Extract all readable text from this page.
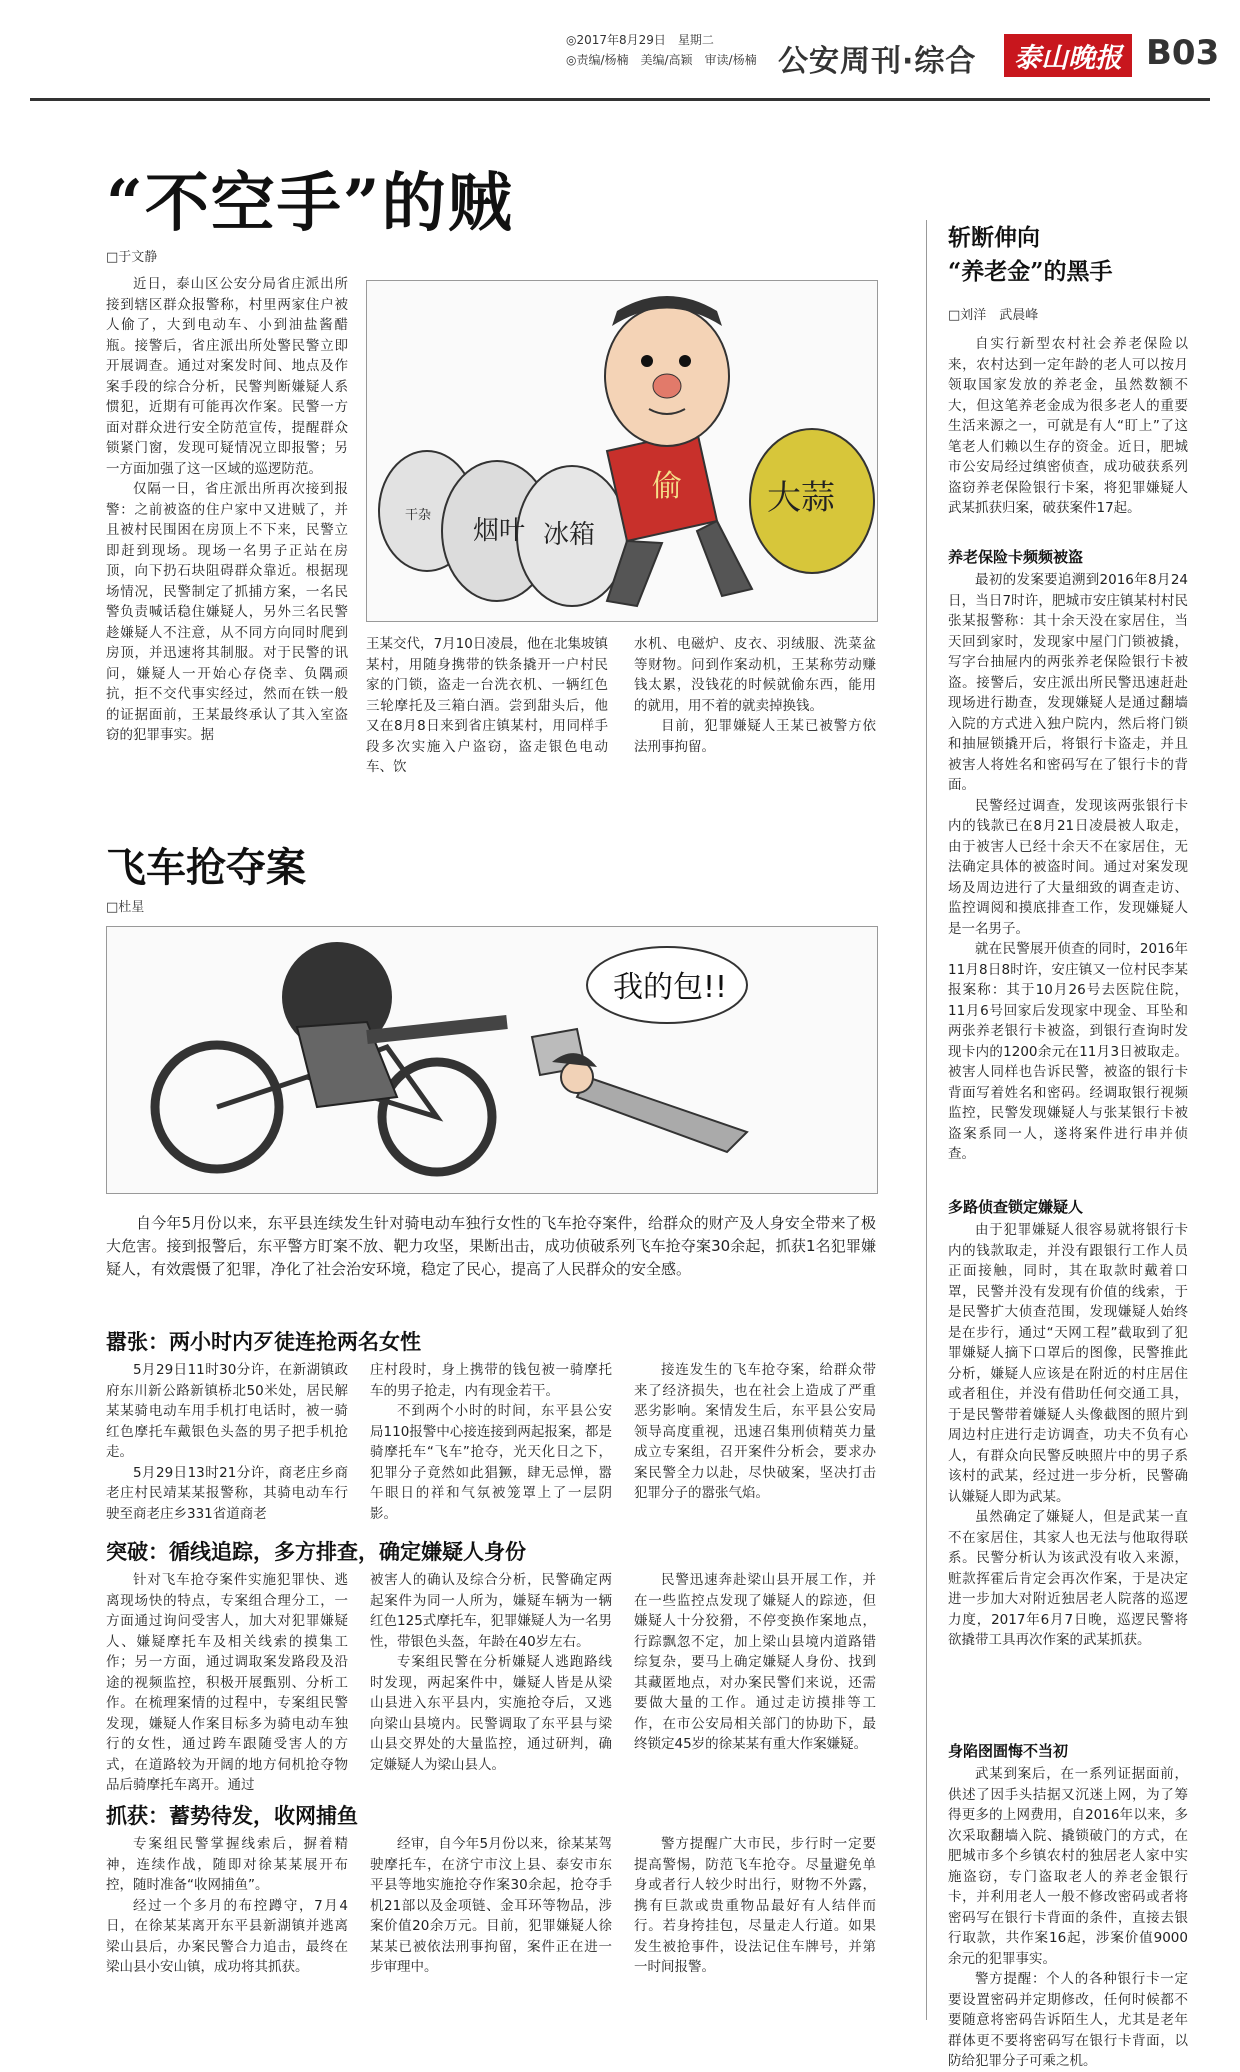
◎2017年8月29日　星期二
◎责编/杨楠　美编/高颖　审读/杨楠 公安周刊·综合	泰山晚报 B03
“不空手”的贼
□于文静

近日，泰山区公安分局省庄派出所接到辖区群众报警称，村里两家住户被人偷了，大到电动车、小到油盐酱醋瓶。接警后，省庄派出所处警民警立即开展调查。通过对案发时间、地点及作案手段的综合分析，民警判断嫌疑人系惯犯，近期有可能再次作案。民警一方面对群众进行安全防范宣传，提醒群众锁紧门窗，发现可疑情况立即报警；另一方面加强了这一区域的巡逻防范。

仅隔一日，省庄派出所再次接到报警：之前被盗的住户家中又进贼了，并且被村民围困在房顶上不下来，民警立即赶到现场。现场一名男子正站在房顶，向下扔石块阻碍群众靠近。根据现场情况，民警制定了抓捕方案，一名民警负责喊话稳住嫌疑人，另外三名民警趁嫌疑人不注意，从不同方向同时爬到房顶，并迅速将其制服。对于民警的讯问，嫌疑人一开始心存侥幸、负隅顽抗，拒不交代事实经过，然而在铁一般的证据面前，王某最终承认了其入室盗窃的犯罪事实。据

干杂
烟叶 冰箱
偷	大蒜

王某交代，7月10日凌晨，他在北集坡镇某村，用随身携带的铁条撬开一户村民家的门锁，盗走一台洗衣机、一辆红色三轮摩托及三箱白酒。尝到甜头后，他又在8月8日来到省庄镇某村，用同样手段多次实施入户盗窃，盗走银色电动车、饮

水机、电磁炉、皮衣、羽绒服、洗菜盆等财物。问到作案动机，王某称劳动赚钱太累，没钱花的时候就偷东西，能用的就用，用不着的就卖掉换钱。

目前，犯罪嫌疑人王某已被警方依法刑事拘留。

飞车抢夺案
□杜星
我的包!!

自今年5月份以来，东平县连续发生针对骑电动车独行女性的飞车抢夺案件，给群众的财产及人身安全带来了极大危害。接到报警后，东平警方盯案不放、靶力攻坚，果断出击，成功侦破系列飞车抢夺案30余起，抓获1名犯罪嫌疑人，有效震慑了犯罪，净化了社会治安环境，稳定了民心，提高了人民群众的安全感。

嚣张：两小时内歹徒连抢两名女性

5月29日11时30分许，在新湖镇政府东川新公路新镇桥北50米处，居民解某某骑电动车用手机打电话时，被一骑红色摩托车戴银色头盔的男子把手机抢走。

5月29日13时21分许，商老庄乡商老庄村民靖某某报警称，其骑电动车行驶至商老庄乡331省道商老

庄村段时，身上携带的钱包被一骑摩托车的男子抢走，内有现金若干。

不到两个小时的时间，东平县公安局110报警中心接连接到两起报案，都是骑摩托车“飞车”抢夺，光天化日之下，犯罪分子竟然如此猖獗，肆无忌惮，嚣午眼日的祥和气氛被笼罩上了一层阴影。

接连发生的飞车抢夺案，给群众带来了经济损失，也在社会上造成了严重恶劣影响。案情发生后，东平县公安局领导高度重视，迅速召集刑侦精英力量成立专案组，召开案件分析会，要求办案民警全力以赴，尽快破案，坚决打击犯罪分子的嚣张气焰。

突破：循线追踪，多方排查，确定嫌疑人身份

针对飞车抢夺案件实施犯罪快、逃离现场快的特点，专案组合理分工，一方面通过询问受害人，加大对犯罪嫌疑人、嫌疑摩托车及相关线索的摸集工作；另一方面，通过调取案发路段及沿途的视频监控，积极开展甄别、分析工作。在梳理案情的过程中，专案组民警发现，嫌疑人作案目标多为骑电动车独行的女性，通过跨车跟随受害人的方式，在道路较为开阔的地方伺机抢夺物品后骑摩托车离开。通过

被害人的确认及综合分析，民警确定两起案件为同一人所为，嫌疑车辆为一辆红色125式摩托车，犯罪嫌疑人为一名男性，带银色头盔，年龄在40岁左右。

专案组民警在分析嫌疑人逃跑路线时发现，两起案件中，嫌疑人皆是从梁山县进入东平县内，实施抢夺后，又逃向梁山县境内。民警调取了东平县与梁山县交界处的大量监控，通过研判，确定嫌疑人为梁山县人。

民警迅速奔赴梁山县开展工作，并在一些监控点发现了嫌疑人的踪迹，但嫌疑人十分狡猾，不停变换作案地点，行踪飘忽不定，加上梁山县境内道路错综复杂，要马上确定嫌疑人身份、找到其藏匿地点，对办案民警们来说，还需要做大量的工作。通过走访摸排等工作，在市公安局相关部门的协助下，最终锁定45岁的徐某某有重大作案嫌疑。

抓获：蓄势待发，收网捕鱼

专案组民警掌握线索后，摒着精神，连续作战，随即对徐某某展开布控，随时准备“收网捕鱼”。

经过一个多月的布控蹲守，7月4日，在徐某某离开东平县新湖镇并逃离梁山县后，办案民警合力追击，最终在梁山县小安山镇，成功将其抓获。

经审，自今年5月份以来，徐某某驾驶摩托车，在济宁市汶上县、泰安市东平县等地实施抢夺作案30余起，抢夺手机21部以及金项链、金耳环等物品，涉案价值20余万元。目前，犯罪嫌疑人徐某某已被依法刑事拘留，案件正在进一步审理中。

警方提醒广大市民，步行时一定要提高警惕，防范飞车抢夺。尽量避免单身或者行人较少时出行，财物不外露，携有巨款或贵重物品最好有人结伴而行。若身挎挂包，尽量走人行道。如果发生被抢事件，设法记住车牌号，并第一时间报警。

斩断伸向
“养老金”的黑手
□刘洋　武晨峰

自实行新型农村社会养老保险以来，农村达到一定年龄的老人可以按月领取国家发放的养老金，虽然数额不大，但这笔养老金成为很多老人的重要生活来源之一，可就是有人“盯上”了这笔老人们赖以生存的资金。近日，肥城市公安局经过缜密侦查，成功破获系列盗窃养老保险银行卡案，将犯罪嫌疑人武某抓获归案，破获案件17起。

养老保险卡频频被盗

最初的发案要追溯到2016年8月24日，当日7时许，肥城市安庄镇某村村民张某报警称：其十余天没在家居住，当天回到家时，发现家中屋门门锁被撬，写字台抽屉内的两张养老保险银行卡被盗。接警后，安庄派出所民警迅速赶赴现场进行勘查，发现嫌疑人是通过翻墙入院的方式进入独户院内，然后将门锁和抽屉锁撬开后，将银行卡盗走，并且被害人将姓名和密码写在了银行卡的背面。

民警经过调查，发现该两张银行卡内的钱款已在8月21日凌晨被人取走，由于被害人已经十余天不在家居住，无法确定具体的被盗时间。通过对案发现场及周边进行了大量细致的调查走访、监控调阅和摸底排查工作，发现嫌疑人是一名男子。

就在民警展开侦查的同时，2016年11月8日8时许，安庄镇又一位村民李某报案称：其于10月26号去医院住院，11月6号回家后发现家中现金、耳坠和两张养老银行卡被盗，到银行查询时发现卡内的1200余元在11月3日被取走。被害人同样也告诉民警，被盗的银行卡背面写着姓名和密码。经调取银行视频监控，民警发现嫌疑人与张某银行卡被盗案系同一人，遂将案件进行串并侦查。

多路侦查锁定嫌疑人

由于犯罪嫌疑人很容易就将银行卡内的钱款取走，并没有跟银行工作人员正面接触，同时，其在取款时戴着口罩，民警并没有发现有价值的线索，于是民警扩大侦查范围，发现嫌疑人始终是在步行，通过“天网工程”截取到了犯罪嫌疑人摘下口罩后的图像，民警推此分析，嫌疑人应该是在附近的村庄居住或者租住，并没有借助任何交通工具，于是民警带着嫌疑人头像截图的照片到周边村庄进行走访调查，功夫不负有心人，有群众向民警反映照片中的男子系该村的武某，经过进一步分析，民警确认嫌疑人即为武某。

虽然确定了嫌疑人，但是武某一直不在家居住，其家人也无法与他取得联系。民警分析认为该武没有收入来源，赃款挥霍后肯定会再次作案，于是决定进一步加大对附近独居老人院落的巡逻力度，2017年6月7日晚，巡逻民警将欲撬带工具再次作案的武某抓获。

身陷囹圄悔不当初

武某到案后，在一系列证据面前，供述了因手头拮据又沉迷上网，为了筹得更多的上网费用，自2016年以来，多次采取翻墙入院、撬锁破门的方式，在肥城市多个乡镇农村的独居老人家中实施盗窃，专门盗取老人的养老金银行卡，并利用老人一般不修改密码或者将密码写在银行卡背面的条件，直接去银行取款，共作案16起，涉案价值9000余元的犯罪事实。

警方提醒：个人的各种银行卡一定要设置密码并定期修改，任何时候都不要随意将密码告诉陌生人，尤其是老年群体更不要将密码写在银行卡背面，以防给犯罪分子可乘之机。
